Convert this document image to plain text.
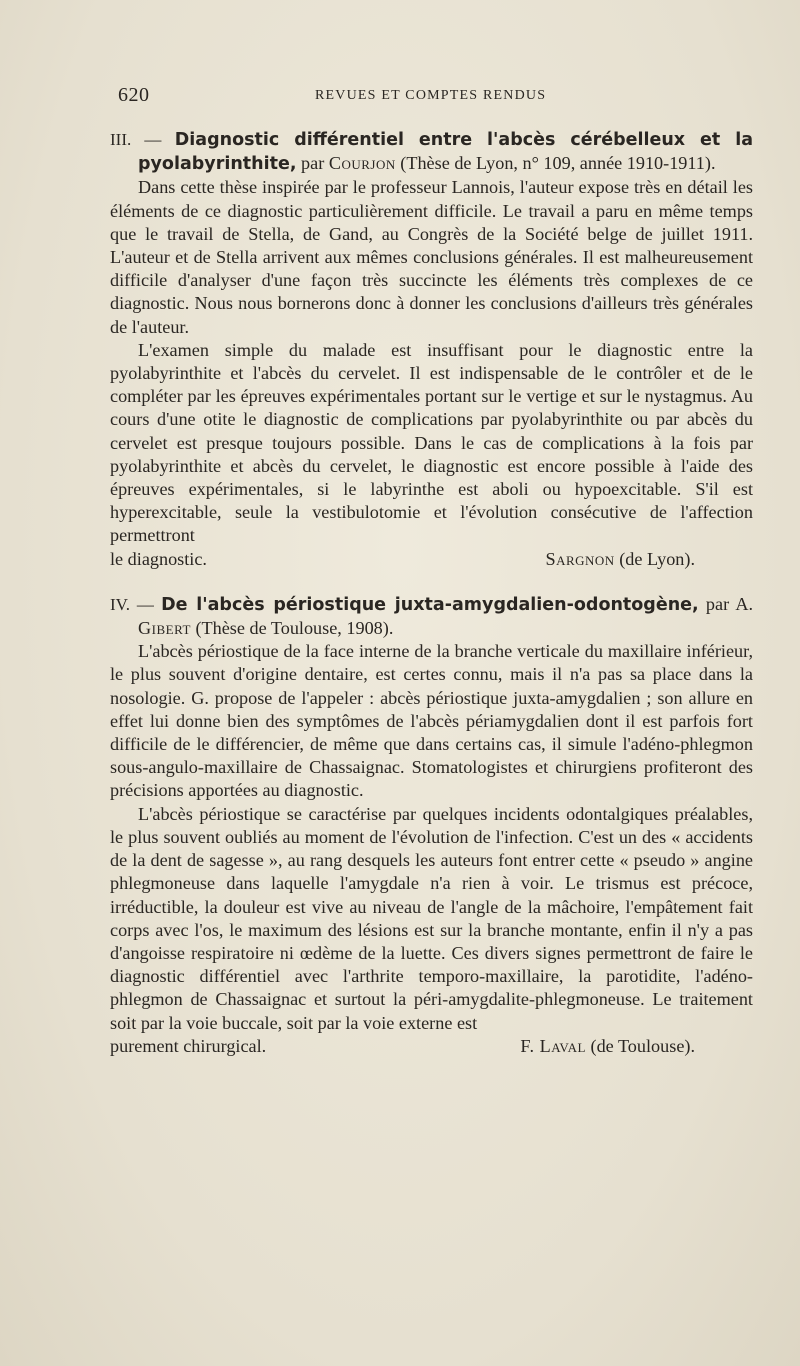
620	REVUES ET COMPTES RENDUS

III. — Diagnostic différentiel entre l'abcès cérébelleux et la pyolabyrinthite, par Courjon (Thèse de Lyon, n° 109, année 1910-1911).

Dans cette thèse inspirée par le professeur Lannois, l'auteur expose très en détail les éléments de ce diagnostic particulièrement difficile. Le travail a paru en même temps que le travail de Stella, de Gand, au Congrès de la Société belge de juillet 1911. L'auteur et de Stella arrivent aux mêmes conclusions générales. Il est malheureusement difficile d'analyser d'une façon très succincte les éléments très complexes de ce diagnostic. Nous nous bornerons donc à donner les conclusions d'ailleurs très générales de l'auteur.

L'examen simple du malade est insuffisant pour le diagnostic entre la pyolabyrinthite et l'abcès du cervelet. Il est indispensable de le contrôler et de le compléter par les épreuves expérimentales portant sur le vertige et sur le nystagmus. Au cours d'une otite le diagnostic de complications par pyolabyrinthite ou par abcès du cervelet est presque toujours possible. Dans le cas de complications à la fois par pyolabyrinthite et abcès du cervelet, le diagnostic est encore possible à l'aide des épreuves expérimentales, si le labyrinthe est aboli ou hypoexcitable. S'il est hyperexcitable, seule la vestibulotomie et l'évolution consécutive de l'affection permettront

le diagnostic.	Sargnon (de Lyon).

IV. — De l'abcès périostique juxta-amygdalien-odontogène, par A. Gibert (Thèse de Toulouse, 1908).

L'abcès périostique de la face interne de la branche verticale du maxillaire inférieur, le plus souvent d'origine dentaire, est certes connu, mais il n'a pas sa place dans la nosologie. G. propose de l'appeler : abcès périostique juxta-amygdalien ; son allure en effet lui donne bien des symptômes de l'abcès périamygdalien dont il est parfois fort difficile de le différencier, de même que dans certains cas, il simule l'adéno-phlegmon sous-angulo-maxillaire de Chassaignac. Stomatologistes et chirurgiens profiteront des précisions apportées au diagnostic.

L'abcès périostique se caractérise par quelques incidents odontalgiques préalables, le plus souvent oubliés au moment de l'évolution de l'infection. C'est un des « accidents de la dent de sagesse », au rang desquels les auteurs font entrer cette « pseudo » angine phlegmoneuse dans laquelle l'amygdale n'a rien à voir. Le trismus est précoce, irréductible, la douleur est vive au niveau de l'angle de la mâchoire, l'empâtement fait corps avec l'os, le maximum des lésions est sur la branche montante, enfin il n'y a pas d'angoisse respiratoire ni œdème de la luette. Ces divers signes permettront de faire le diagnostic différentiel avec l'arthrite temporo-maxillaire, la parotidite, l'adéno-phlegmon de Chassaignac et surtout la péri-amygdalite-phlegmoneuse. Le traitement soit par la voie buccale, soit par la voie externe est

purement chirurgical.	F. Laval (de Toulouse).
